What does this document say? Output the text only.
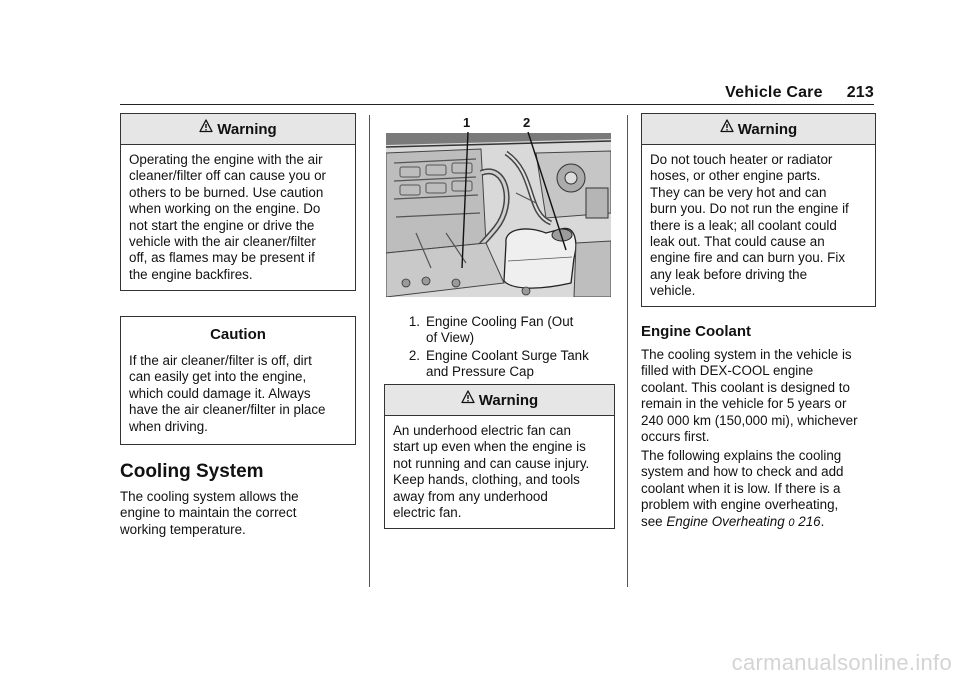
Vehicle Care 213
Warning
Operating the engine with the air
cleaner/filter off can cause you or
others to be burned. Use caution
when working on the engine. Do
not start the engine or drive the
vehicle with the air cleaner/filter
off, as flames may be present if
the engine backfires.
Caution
If the air cleaner/filter is off, dirt
can easily get into the engine,
which could damage it. Always
have the air cleaner/filter in place
when driving.
Cooling System
The cooling system allows the
engine to maintain the correct
working temperature.
1	2
1. Engine Cooling Fan (Out
of View)
2. Engine Coolant Surge Tank
and Pressure Cap
Warning
An underhood electric fan can
start up even when the engine is
not running and can cause injury.
Keep hands, clothing, and tools
away from any underhood
electric fan.
Warning
Do not touch heater or radiator
hoses, or other engine parts.
They can be very hot and can
burn you. Do not run the engine if
there is a leak; all coolant could
leak out. That could cause an
engine fire and can burn you. Fix
any leak before driving the
vehicle.
Engine Coolant
The cooling system in the vehicle is
filled with DEX-COOL engine
coolant. This coolant is designed to
remain in the vehicle for 5 years or
240 000 km (150,000 mi), whichever
occurs first.
The following explains the cooling
system and how to check and add
coolant when it is low. If there is a
problem with engine overheating,
see Engine Overheating 0 216.
carmanualsonline.info
